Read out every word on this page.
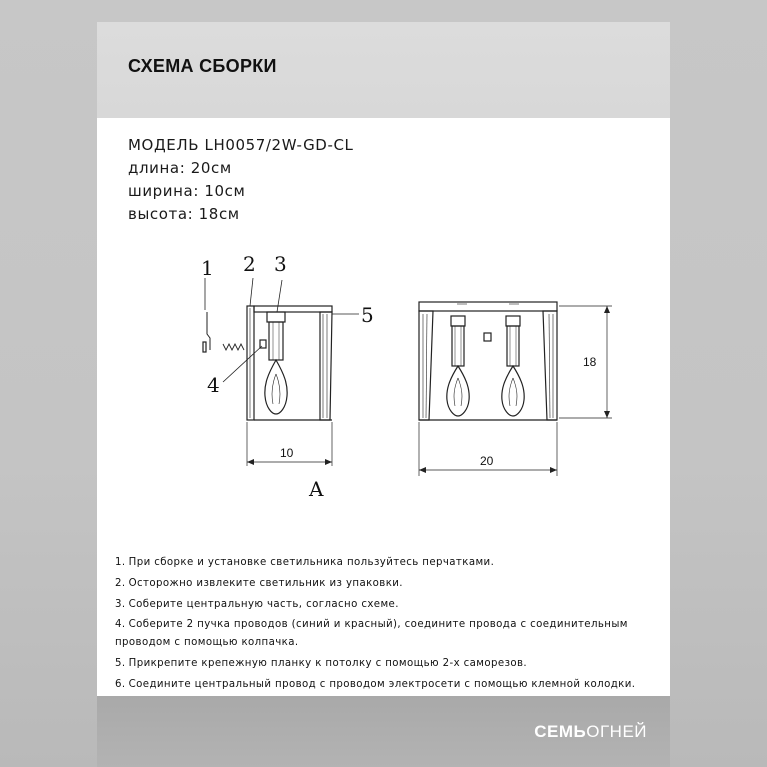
СХЕМА СБОРКИ
МОДЕЛЬ LH0057/2W-GD-CL
длина: 20см
ширина: 10см
высота: 18см
1 2 3
4
5
A
10
20
18
1. При сборке и установке светильника пользуйтесь перчатками.
2. Осторожно извлеките светильник из упаковки.
3. Соберите центральную часть, согласно схеме.
4. Соберите 2 пучка проводов (синий и красный), соедините провода с соединительным
проводом с помощью колпачка.
5. Прикрепите крепежную планку к потолку с помощью 2-х саморезов.
6. Соедините центральный провод с проводом электросети с помощью клемной колодки.
СЕМЬОГНЕЙ
